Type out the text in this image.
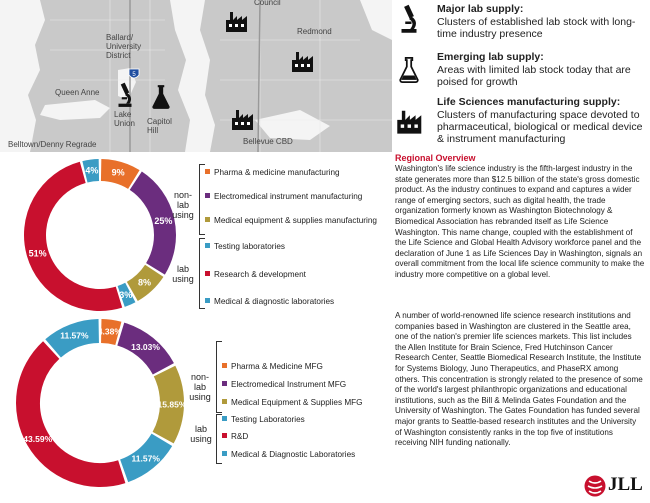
Council
Redmond
Ballard/ University District
Queen Anne
Lake Union	Capitol Hill
Belltown/Denny Regrade	Bellevue CBD
5
Major lab supply:
Clusters of established lab stock with long-time industry presence
Emerging lab supply:
Areas with limited lab stock today that are poised for growth
Life Sciences manufacturing supply:
Clusters of manufacturing space devoted to pharmaceutical, biological or medical device & instrument manufacturing
Regional Overview
Washington's life science industry is the fifth-largest industry in the state generates more than $12.5 billion of the state's gross domestic product. As the industry continues to expand and captures a wider range of emerging sectors, such as digital health, the trade organization formerly known as Washington Biotechnology & Biomedical Association has rebranded itself as Life Science Washington. This name change, coupled with the establishment of the Life Science and Global Health Advisory workforce panel and the declaration of June 1 as Life Sciences Day in Washington, signals an overall commitment from the local life science community to make the industry more competitive on a global level.
A number of world-renowned life science research institutions and companies based in Washington are clustered in the Seattle area, one of the nation's premier life sciences markets. This list includes the Allen Institute for Brain Science, Fred Hutchinson Cancer Research Center, Seattle Biomedical Research Institute, the Institute for Systems Biology, Juno Therapeutics, and PhaseRX among others. This concentration is strongly related to the presence of some of the world's largest philanthropic organizations and educational institutions, such as the Bill & Melinda Gates Foundation and the University of Washington. The Gates Foundation has funded several major grants to Seattle-based research institutes and the University of Washington consistently ranks in the top five of institutions receiving NIH funding nationally.
9%
25%
8%
3%
51%
4%	Pharma & medicine manufacturing
Electromedical instrument manufacturing
Medical equipment & supplies manufacturing
Testing laboratories
Research & development
Medical & diagnostic laboratories
non-lab using
lab using
4.38%
13.03%
15.85%
11.57%
43.59%
11.57%
Pharma & Medicine MFG
Electromedical Instrument MFG
Medical Equipment & Supplies MFG
Testing Laboratories
R&D
Medical & Diagnostic Laboratories
non-lab using
lab using
JLL
